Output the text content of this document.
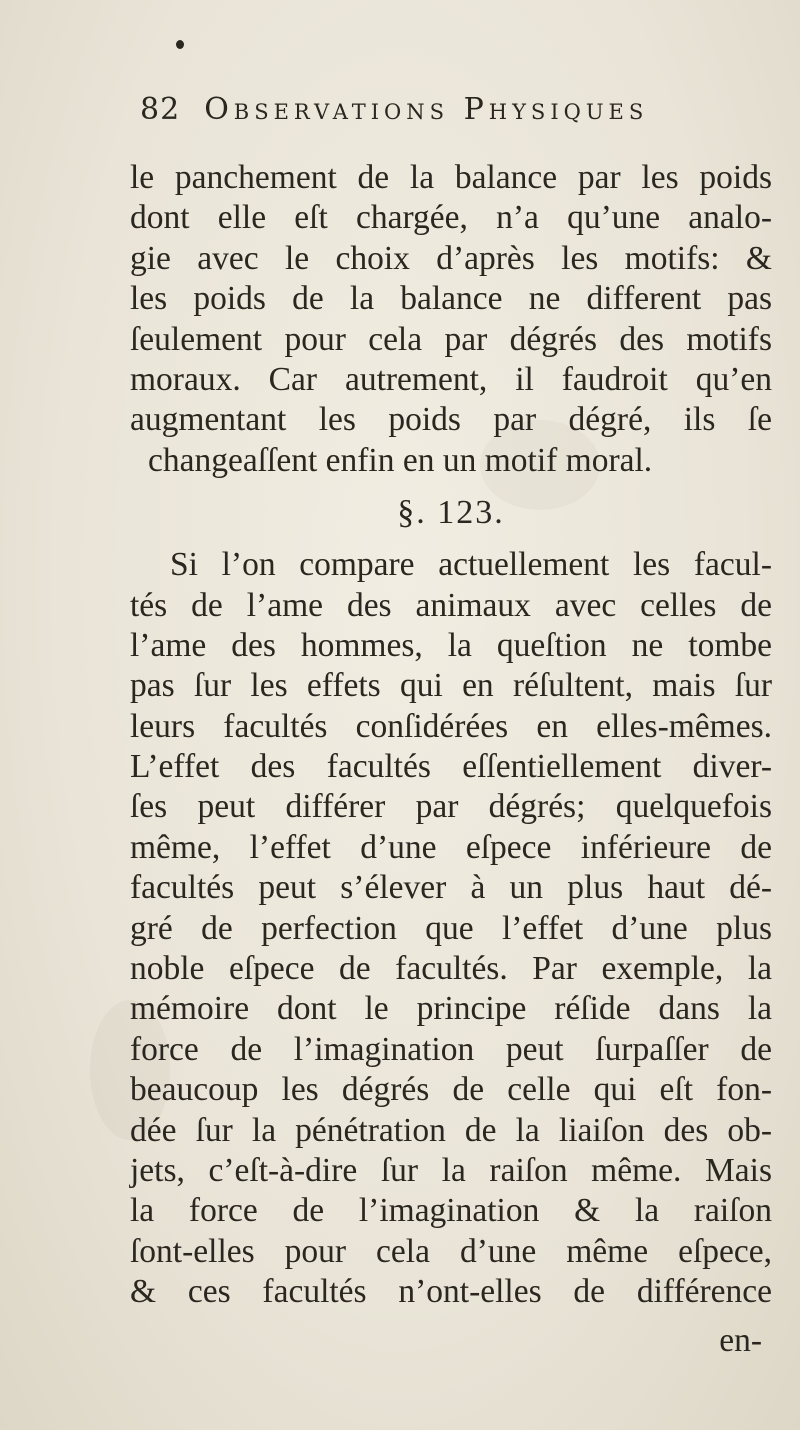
82 Observations Physiques
le panchement de la balance par les poids
dont elle eſt chargée, n’a qu’une analo-
gie avec le choix d’après les motifs: &
les poids de la balance ne different pas
ſeulement pour cela par dégrés des motifs
moraux. Car autrement, il faudroit qu’en
augmentant les poids par dégré, ils ſe
changeaſſent enfin en un motif moral.
§. 123.
Si l’on compare actuellement les facul-
tés de l’ame des animaux avec celles de
l’ame des hommes, la queſtion ne tombe
pas ſur les effets qui en réſultent, mais ſur
leurs facultés conſidérées en elles-mêmes.
L’effet des facultés eſſentiellement diver-
ſes peut différer par dégrés; quelquefois
même, l’effet d’une eſpece inférieure de
facultés peut s’élever à un plus haut dé-
gré de perfection que l’effet d’une plus
noble eſpece de facultés. Par exemple, la
mémoire dont le principe réſide dans la
force de l’imagination peut ſurpaſſer de
beaucoup les dégrés de celle qui eſt fon-
dée ſur la pénétration de la liaiſon des ob-
jets, c’eſt-à-dire ſur la raiſon même. Mais
la force de l’imagination & la raiſon
ſont-elles pour cela d’une même eſpece,
& ces facultés n’ont-elles de différence
en-
